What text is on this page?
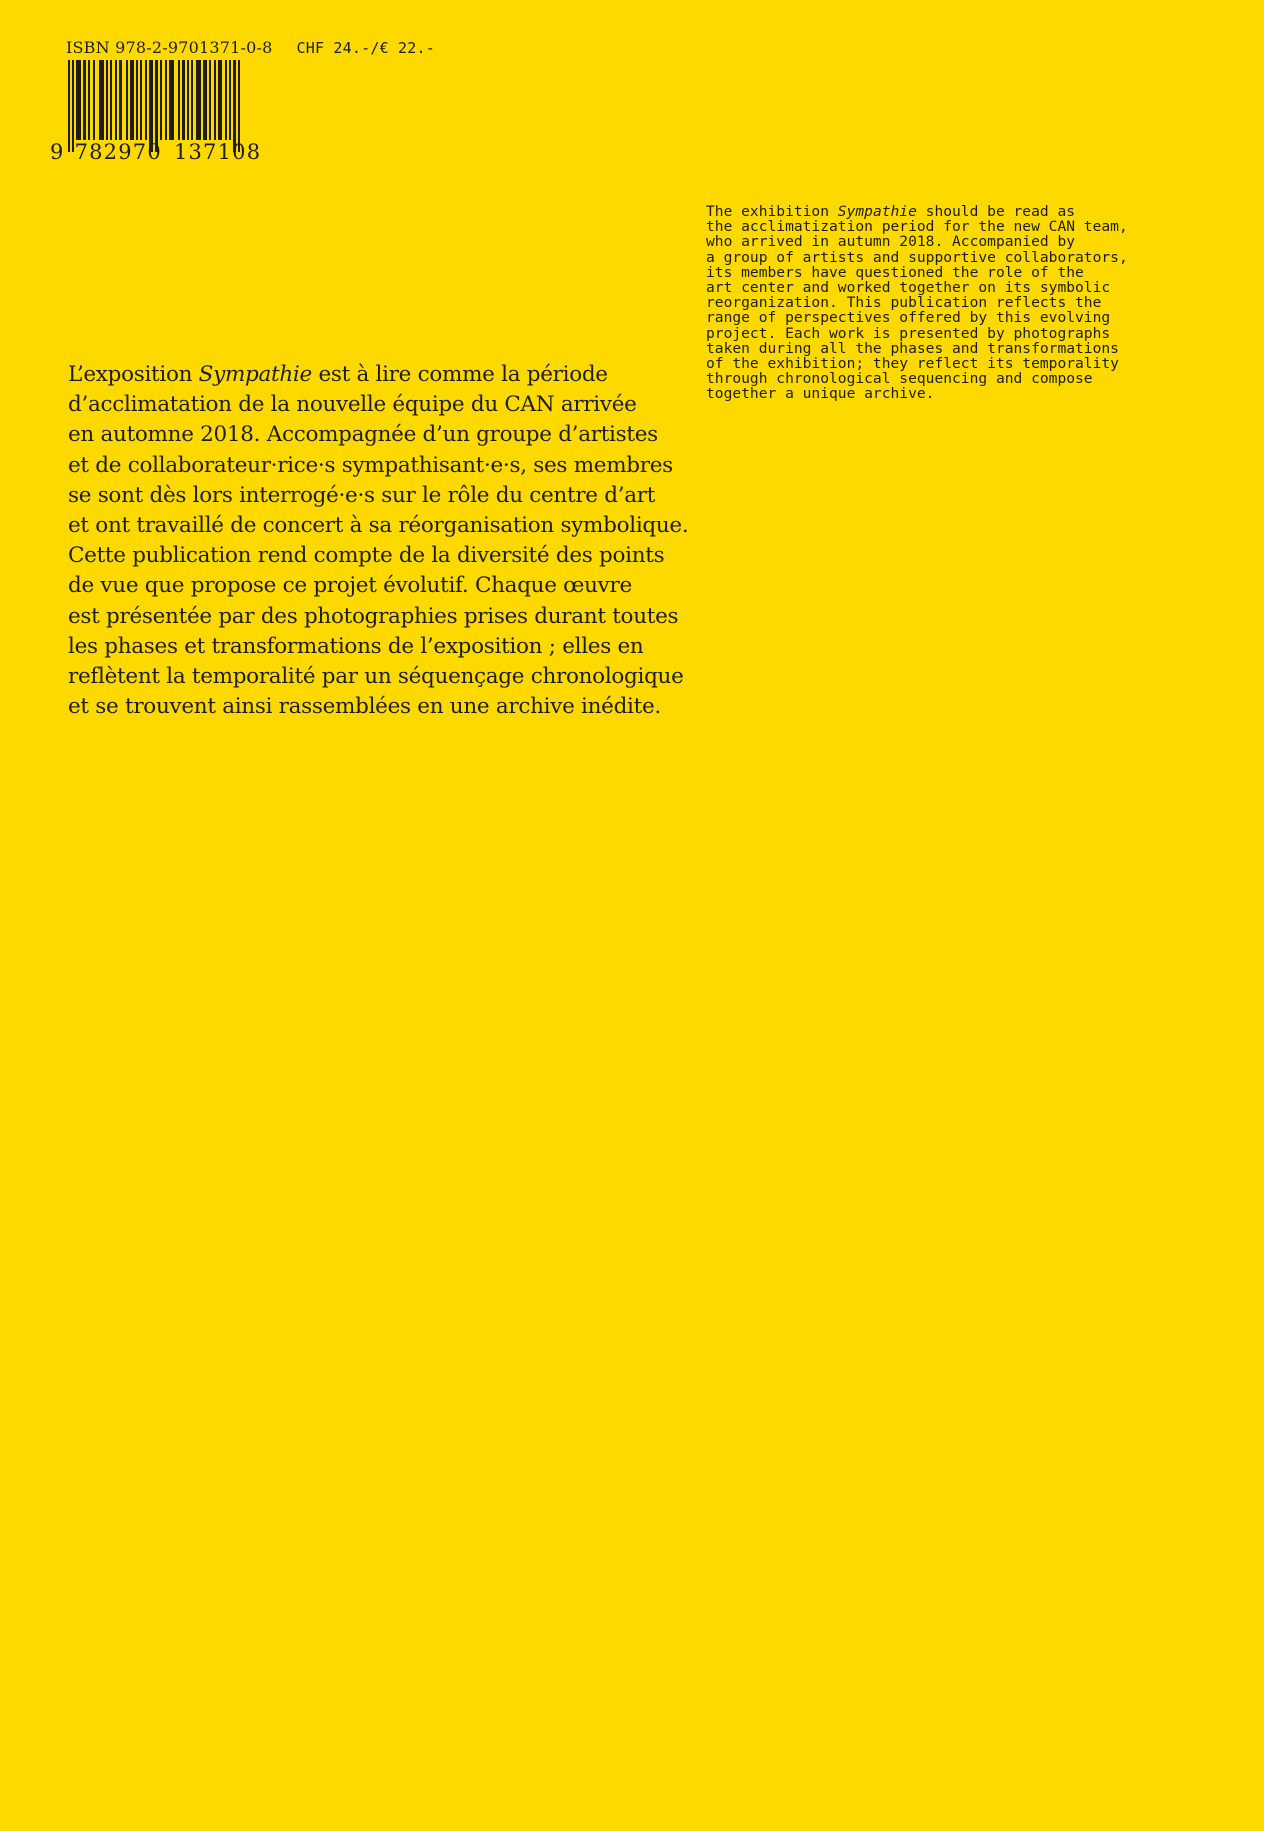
ISBN 978-2-9701371-0-8 CHF 24.-/€ 22.-
9 782970 137108

L’exposition Sympathie est à lire comme la période
d’acclimatation de la nouvelle équipe du CAN arrivée
en automne 2018. Accompagnée d’un groupe d’artistes
et de collaborateur·rice·s sympathisant·e·s, ses membres
se sont dès lors interrogé·e·s sur le rôle du centre d’art
et ont travaillé de concert à sa réorganisation symbolique.
Cette publication rend compte de la diversité des points
de vue que propose ce projet évolutif. Chaque œuvre
est présentée par des photographies prises durant toutes
les phases et transformations de l’exposition ; elles en
reflètent la temporalité par un séquençage chronologique
et se trouvent ainsi rassemblées en une archive inédite.

The exhibition Sympathie should be read as
the acclimatization period for the new CAN team,
who arrived in autumn 2018. Accompanied by
a group of artists and supportive collaborators,
its members have questioned the role of the
art center and worked together on its symbolic
reorganization. This publication reflects the
range of perspectives offered by this evolving
project. Each work is presented by photographs
taken during all the phases and transformations
of the exhibition; they reflect its temporality
through chronological sequencing and compose
together a unique archive.
